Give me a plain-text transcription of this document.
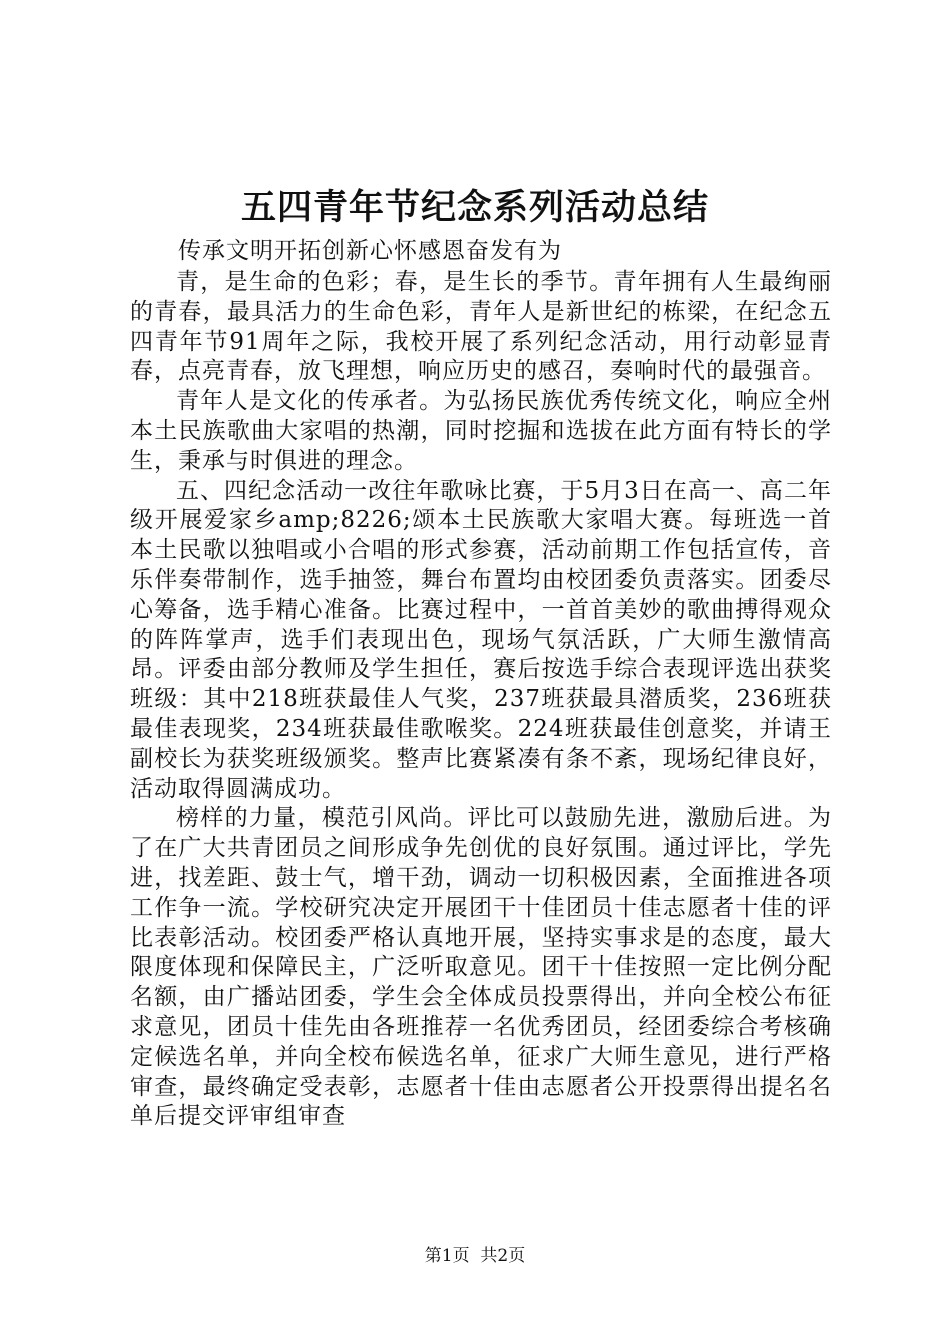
五四青年节纪念系列活动总结

传承文明开拓创新心怀感恩奋发有为

青，是生命的色彩；春，是生长的季节。青年拥有人生最绚丽的青春，最具活力的生命色彩，青年人是新世纪的栋梁，在纪念五四青年节91周年之际，我校开展了系列纪念活动，用行动彰显青春，点亮青春，放飞理想，响应历史的感召，奏响时代的最强音。

青年人是文化的传承者。为弘扬民族优秀传统文化，响应全州本土民族歌曲大家唱的热潮，同时挖掘和选拔在此方面有特长的学生，秉承与时俱进的理念。

五、四纪念活动一改往年歌咏比赛，于5月3日在高一、高二年级开展爱家乡amp;8226;颂本土民族歌大家唱大赛。每班选一首本土民歌以独唱或小合唱的形式参赛，活动前期工作包括宣传，音乐伴奏带制作，选手抽签，舞台布置均由校团委负责落实。团委尽心筹备，选手精心准备。比赛过程中，一首首美妙的歌曲搏得观众的阵阵掌声，选手们表现出色，现场气氛活跃，广大师生激情高昂。评委由部分教师及学生担任，赛后按选手综合表现评选出获奖班级：其中218班获最佳人气奖，237班获最具潜质奖，236班获最佳表现奖，234班获最佳歌喉奖。224班获最佳创意奖，并请王副校长为获奖班级颁奖。整声比赛紧凑有条不紊，现场纪律良好，活动取得圆满成功。

榜样的力量，模范引风尚。评比可以鼓励先进，激励后进。为了在广大共青团员之间形成争先创优的良好氛围。通过评比，学先进，找差距、鼓士气，增干劲，调动一切积极因素，全面推进各项工作争一流。学校研究决定开展团干十佳团员十佳志愿者十佳的评比表彰活动。校团委严格认真地开展，坚持实事求是的态度，最大限度体现和保障民主，广泛听取意见。团干十佳按照一定比例分配名额，由广播站团委，学生会全体成员投票得出，并向全校公布征求意见，团员十佳先由各班推荐一名优秀团员，经团委综合考核确定候选名单，并向全校布候选名单，征求广大师生意见，进行严格审查，最终确定受表彰，志愿者十佳由志愿者公开投票得出提名名单后提交评审组审查

第1页  共2页
